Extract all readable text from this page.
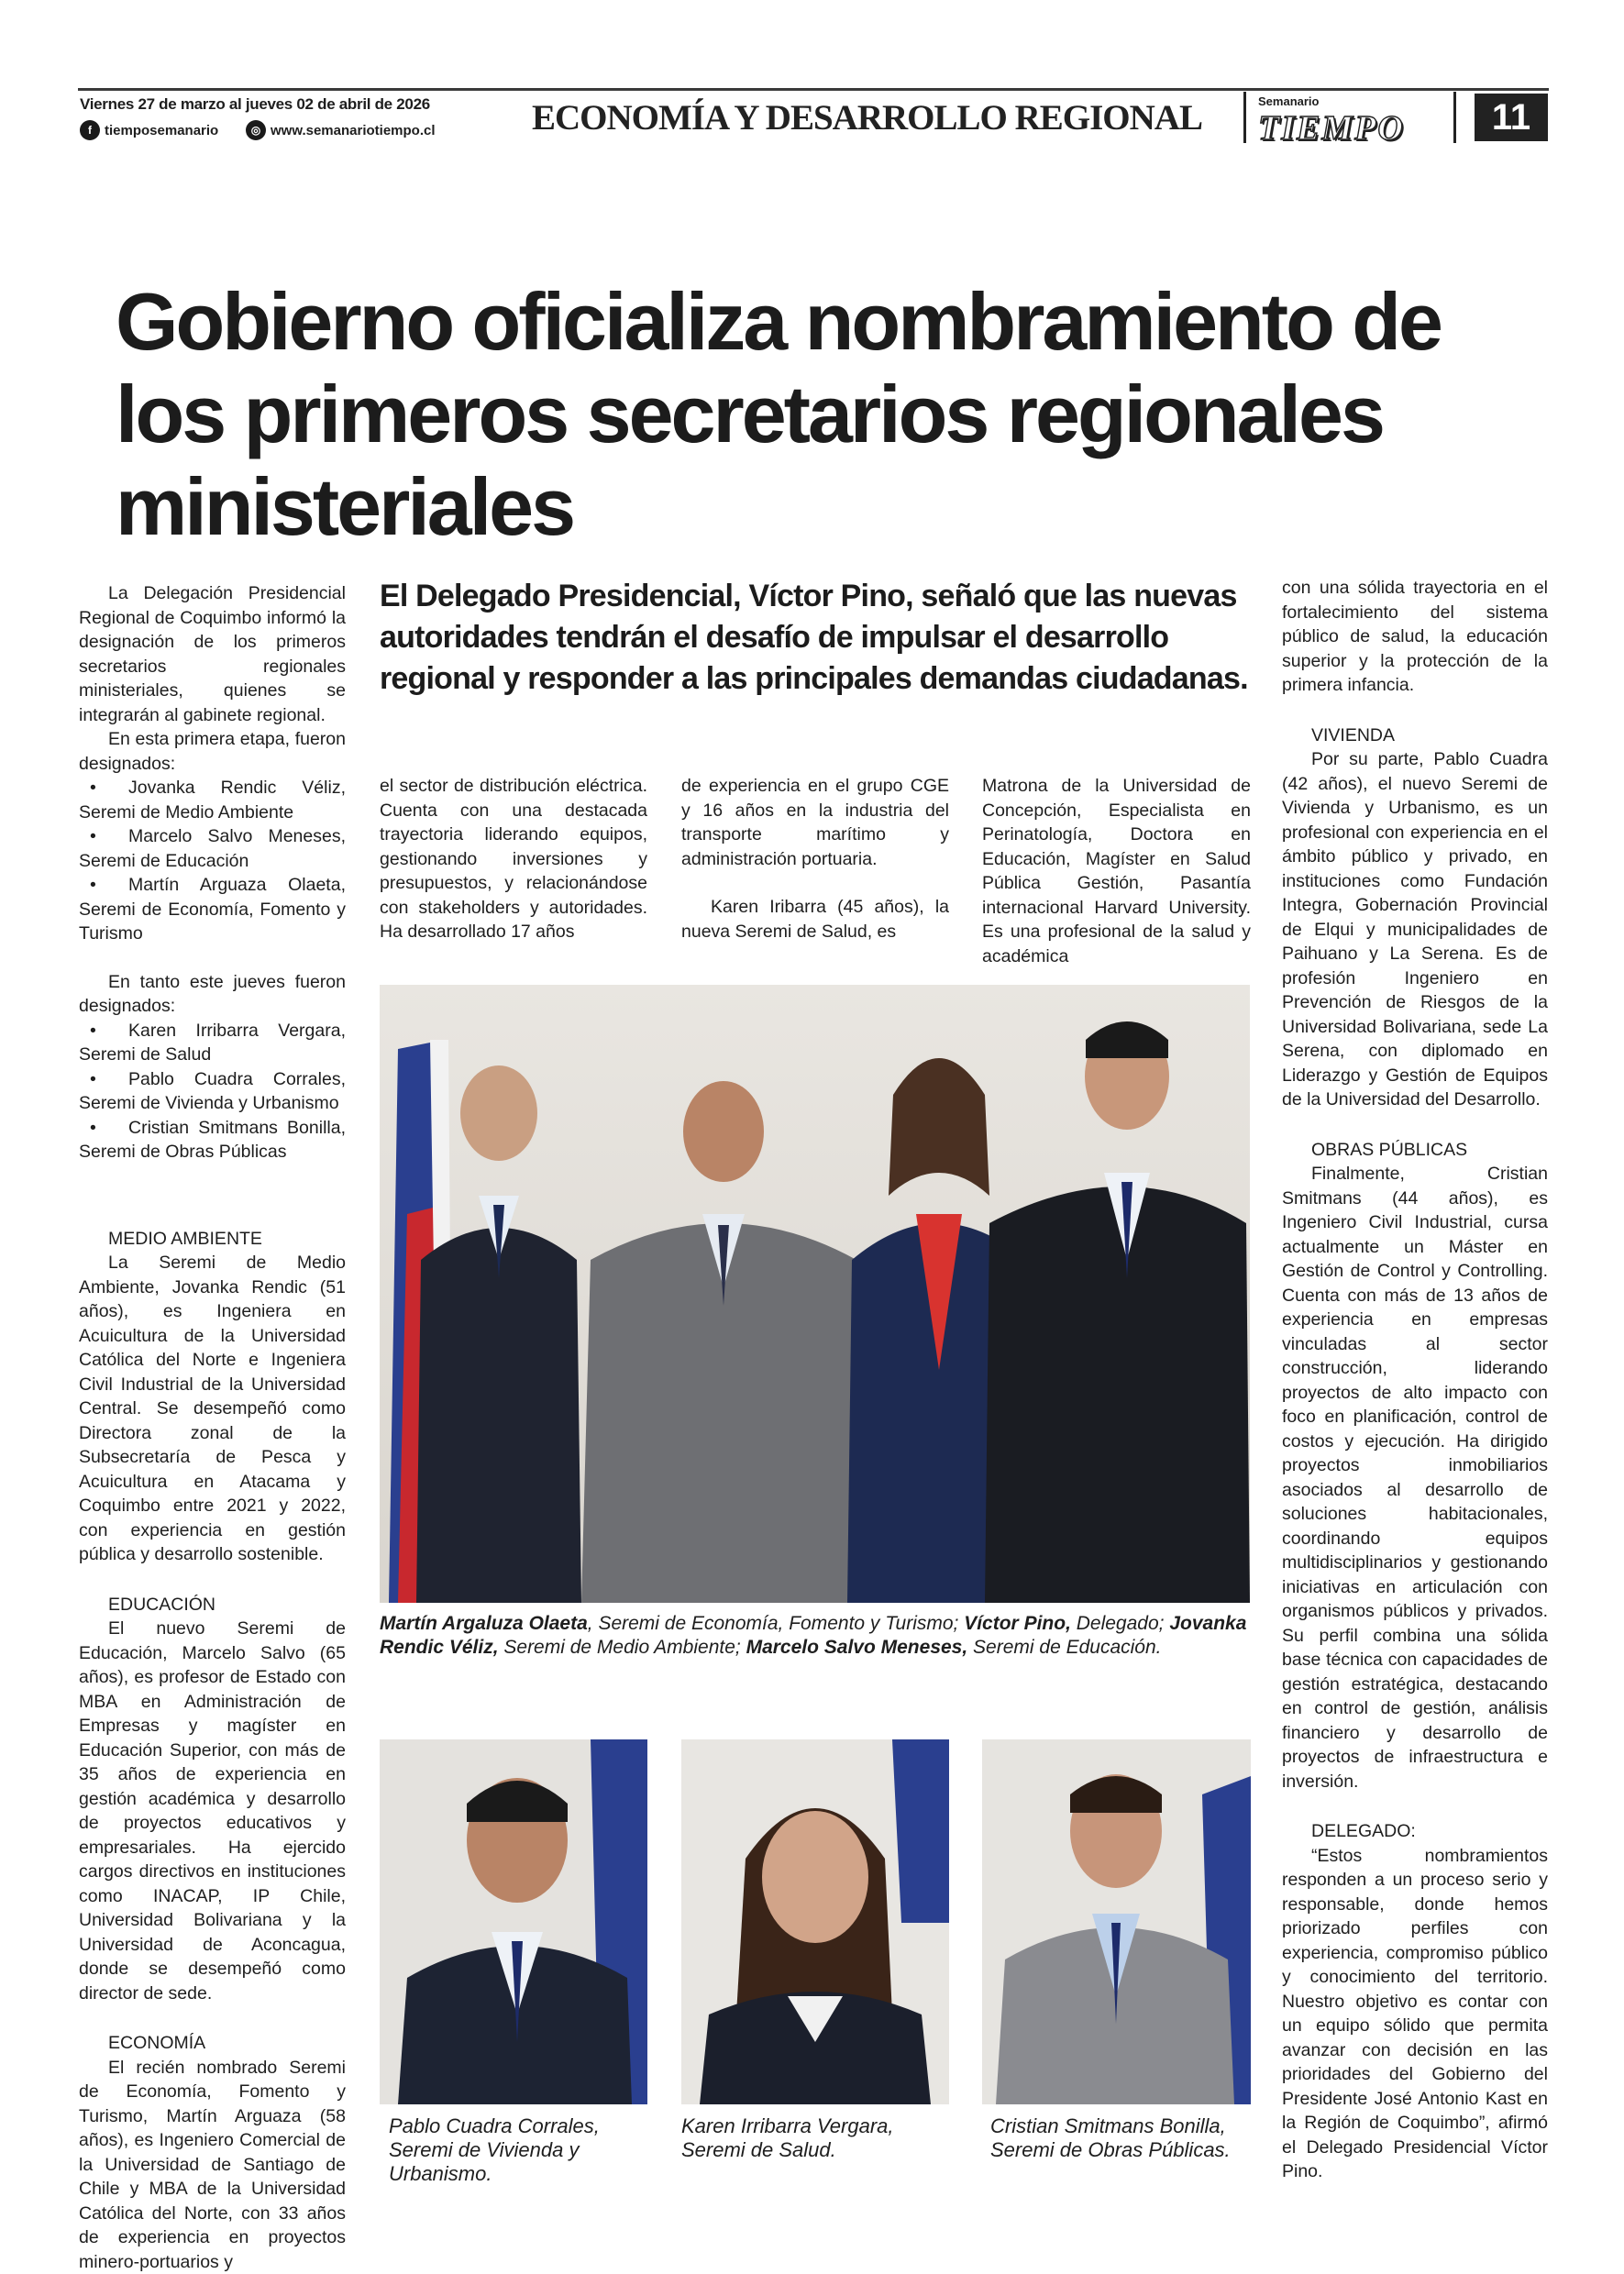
Viernes 27 de marzo al jueves 02 de abril de 2026
f tiemposemanario	◎ www.semanariotiempo.cl	ECONOMÍA Y DESARROLLO REGIONAL	Semanario
TIEMPO	11
Gobierno oficializa nombramiento de los primeros secretarios regionales ministeriales

La Delegación Presidencial Regional de Coquimbo informó la designación de los primeros secretarios regionales ministeriales, quienes se integrarán al gabinete regional.

En esta primera etapa, fueron designados:

• Jovanka Rendic Véliz, Seremi de Medio Ambiente

• Marcelo Salvo Meneses, Seremi de Educación

• Martín Arguaza Olaeta, Seremi de Economía, Fomento y Turismo

En tanto este jueves fueron designados:

• Karen Irribarra Vergara, Seremi de Salud

• Pablo Cuadra Corrales, Seremi de Vivienda y Urbanismo

• Cristian Smitmans Bonilla, Seremi de Obras Públicas

MEDIO AMBIENTE

La Seremi de Medio Ambiente, Jovanka Rendic (51 años), es Ingeniera en Acuicultura de la Universidad Católica del Norte e Ingeniera Civil Industrial de la Universidad Central. Se desempeñó como Directora zonal de la Subsecretaría de Pesca y Acuicultura en Atacama y Coquimbo entre 2021 y 2022, con experiencia en gestión pública y desarrollo sostenible.

EDUCACIÓN

El nuevo Seremi de Educación, Marcelo Salvo (65 años), es profesor de Estado con MBA en Administración de Empresas y magíster en Educación Superior, con más de 35 años de experiencia en gestión académica y desarrollo de proyectos educativos y empresariales. Ha ejercido cargos directivos en instituciones como INACAP, IP Chile, Universidad Bolivariana y la Universidad de Aconcagua, donde se desempeñó como director de sede.

ECONOMÍA

El recién nombrado Seremi de Economía, Fomento y Turismo, Martín Arguaza (58 años), es Ingeniero Comercial de la Universidad de Santiago de Chile y MBA de la Universidad Católica del Norte, con 33 años de experiencia en proyectos minero-portuarios y

El Delegado Presidencial, Víctor Pino, señaló que las nuevas autoridades tendrán el desafío de impulsar el desarrollo regional y responder a las principales demandas ciudadanas.

el sector de distribución eléctrica. Cuenta con una destacada trayectoria liderando equipos, gestionando inversiones y presupuestos, y relacionándose con stakeholders y autoridades. Ha desarrollado 17 años

de experiencia en el grupo CGE y 16 años en la industria del transporte marítimo y administración portuaria.

Karen Iribarra (45 años), la nueva Seremi de Salud, es

Matrona de la Universidad de Concepción, Especialista en Perinatología, Doctora en Educación, Magíster en Salud Pública Gestión, Pasantía internacional Harvard University. Es una profesional de la salud y académica

Martín Argaluza Olaeta, Seremi de Economía, Fomento y Turismo; Víctor Pino, Delegado; Jovanka Rendic Véliz, Seremi de Medio Ambiente; Marcelo Salvo Meneses, Seremi de Educación.
Pablo Cuadra Corrales, Seremi de Vivienda y Urbanismo.
Karen Irribarra Vergara, Seremi de Salud.
Cristian Smitmans Bonilla, Seremi de Obras Públicas.

con una sólida trayectoria en el fortalecimiento del sistema público de salud, la educación superior y la protección de la primera infancia.

VIVIENDA

Por su parte, Pablo Cuadra (42 años), el nuevo Seremi de Vivienda y Urbanismo, es un profesional con experiencia en el ámbito público y privado, en instituciones como Fundación Integra, Gobernación Provincial de Elqui y municipalidades de Paihuano y La Serena. Es de profesión Ingeniero en Prevención de Riesgos de la Universidad Bolivariana, sede La Serena, con diplomado en Liderazgo y Gestión de Equipos de la Universidad del Desarrollo.

OBRAS PÚBLICAS

Finalmente, Cristian Smitmans (44 años), es Ingeniero Civil Industrial, cursa actualmente un Máster en Gestión de Control y Controlling. Cuenta con más de 13 años de experiencia en empresas vinculadas al sector construcción, liderando proyectos de alto impacto con foco en planificación, control de costos y ejecución. Ha dirigido proyectos inmobiliarios asociados al desarrollo de soluciones habitacionales, coordinando equipos multidisciplinarios y gestionando iniciativas en articulación con organismos públicos y privados. Su perfil combina una sólida base técnica con capacidades de gestión estratégica, destacando en control de gestión, análisis financiero y desarrollo de proyectos de infraestructura e inversión.

DELEGADO:

“Estos nombramientos responden a un proceso serio y responsable, donde hemos priorizado perfiles con experiencia, compromiso público y conocimiento del territorio. Nuestro objetivo es contar con un equipo sólido que permita avanzar con decisión en las prioridades del Gobierno del Presidente José Antonio Kast en la Región de Coquimbo”, afirmó el Delegado Presidencial Víctor Pino.
